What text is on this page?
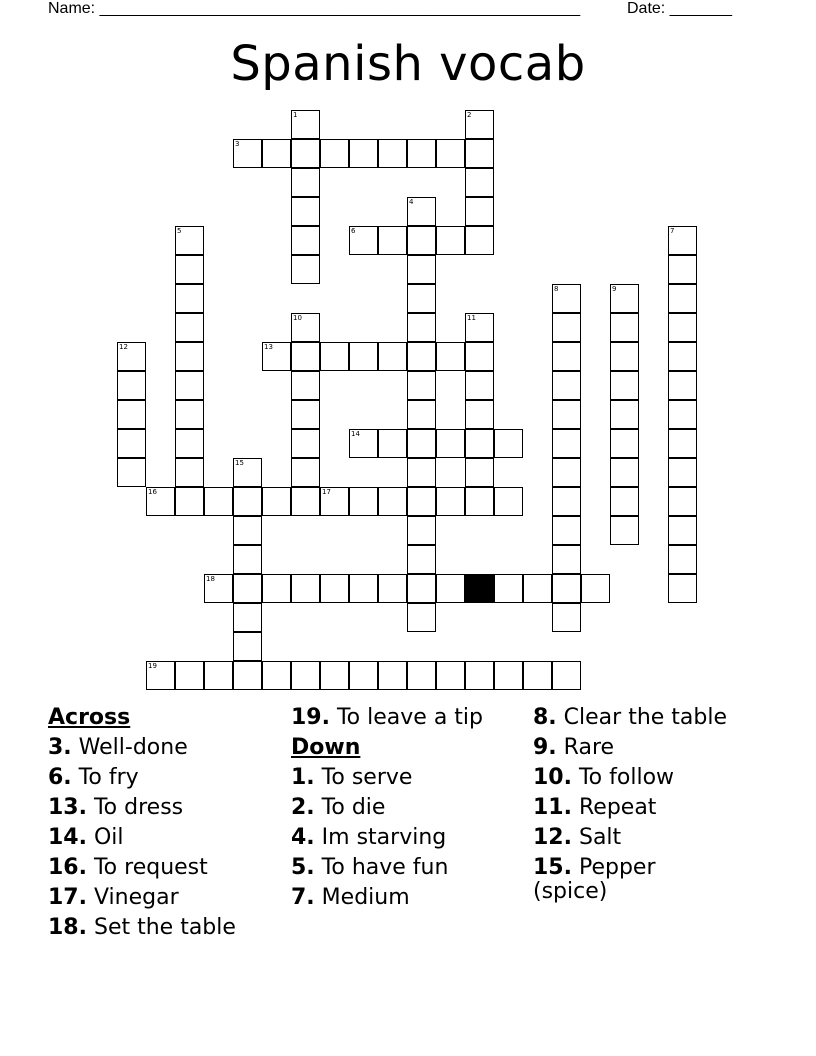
Name: ______________________________________________________	Date: _______
Spanish vocab
3
6
13
14
16	17
18
19
1	2
4
5	7
8	9
10	11
12
15
Across
3. Well-done
6. To fry
13. To dress
14. Oil
16. To request
17. Vinegar
18. Set the table
19. To leave a tip
Down
1. To serve
2. To die
4. Im starving
5. To have fun
7. Medium
8. Clear the table
9. Rare
10. To follow
11. Repeat
12. Salt
15. Pepper (spice)
